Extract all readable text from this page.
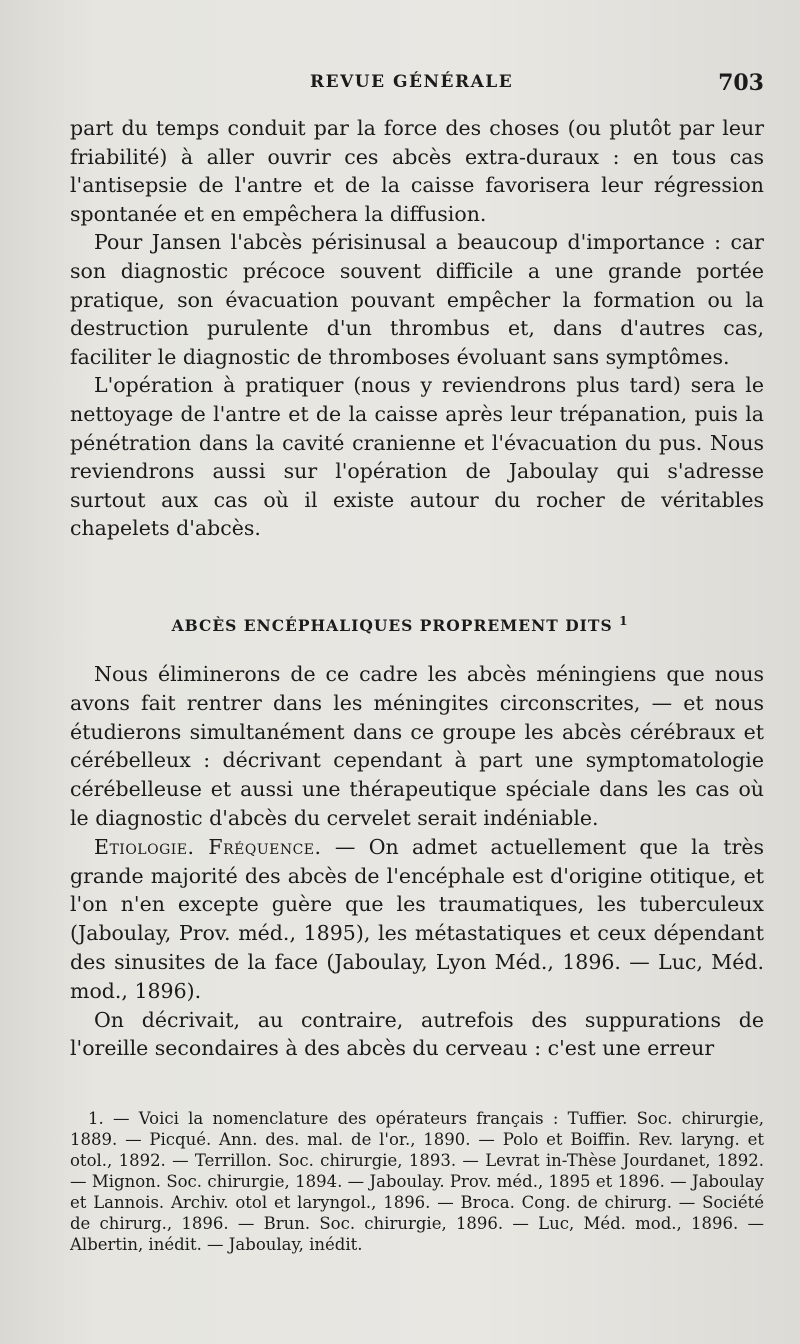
REVUE GÉNÉRALE	703

part du temps conduit par la force des choses (ou plutôt par leur friabilité) à aller ouvrir ces abcès extra-duraux : en tous cas l'antisepsie de l'antre et de la caisse favorisera leur régression spontanée et en empêchera la diffusion.

Pour Jansen l'abcès périsinusal a beaucoup d'importance : car son diagnostic précoce souvent difficile a une grande portée pratique, son évacuation pouvant empêcher la formation ou la destruction purulente d'un thrombus et, dans d'autres cas, faciliter le diagnostic de thromboses évoluant sans symptômes.

L'opération à pratiquer (nous y reviendrons plus tard) sera le nettoyage de l'antre et de la caisse après leur trépanation, puis la pénétration dans la cavité cranienne et l'évacuation du pus. Nous reviendrons aussi sur l'opération de Jaboulay qui s'adresse surtout aux cas où il existe autour du rocher de véritables chapelets d'abcès.

ABCÈS ENCÉPHALIQUES PROPREMENT DITS $^1$

Nous éliminerons de ce cadre les abcès méningiens que nous avons fait rentrer dans les méningites circonscrites, — et nous étudierons simultanément dans ce groupe les abcès cérébraux et cérébelleux : décrivant cependant à part une symptomatologie cérébelleuse et aussi une thérapeutique spéciale dans les cas où le diagnostic d'abcès du cervelet serait indéniable.

Etiologie. Fréquence. — On admet actuellement que la très grande majorité des abcès de l'encéphale est d'origine otitique, et l'on n'en excepte guère que les traumatiques, les tuberculeux (Jaboulay, Prov. méd., 1895), les métastatiques et ceux dépendant des sinusites de la face (Jaboulay, Lyon Méd., 1896. — Luc, Méd. mod., 1896).

On décrivait, au contraire, autrefois des suppurations de l'oreille secondaires à des abcès du cerveau : c'est une erreur

1. — Voici la nomenclature des opérateurs français : Tuffier. Soc. chirurgie, 1889. — Picqué. Ann. des. mal. de l'or., 1890. — Polo et Boiffin. Rev. laryng. et otol., 1892. — Terrillon. Soc. chirurgie, 1893. — Levrat in-Thèse Jourdanet, 1892. — Mignon. Soc. chirurgie, 1894. — Jaboulay. Prov. méd., 1895 et 1896. — Jaboulay et Lannois. Archiv. otol et laryngol., 1896. — Broca. Cong. de chirurg. — Société de chirurg., 1896. — Brun. Soc. chirurgie, 1896. — Luc, Méd. mod., 1896. — Albertin, inédit. — Jaboulay, inédit.
